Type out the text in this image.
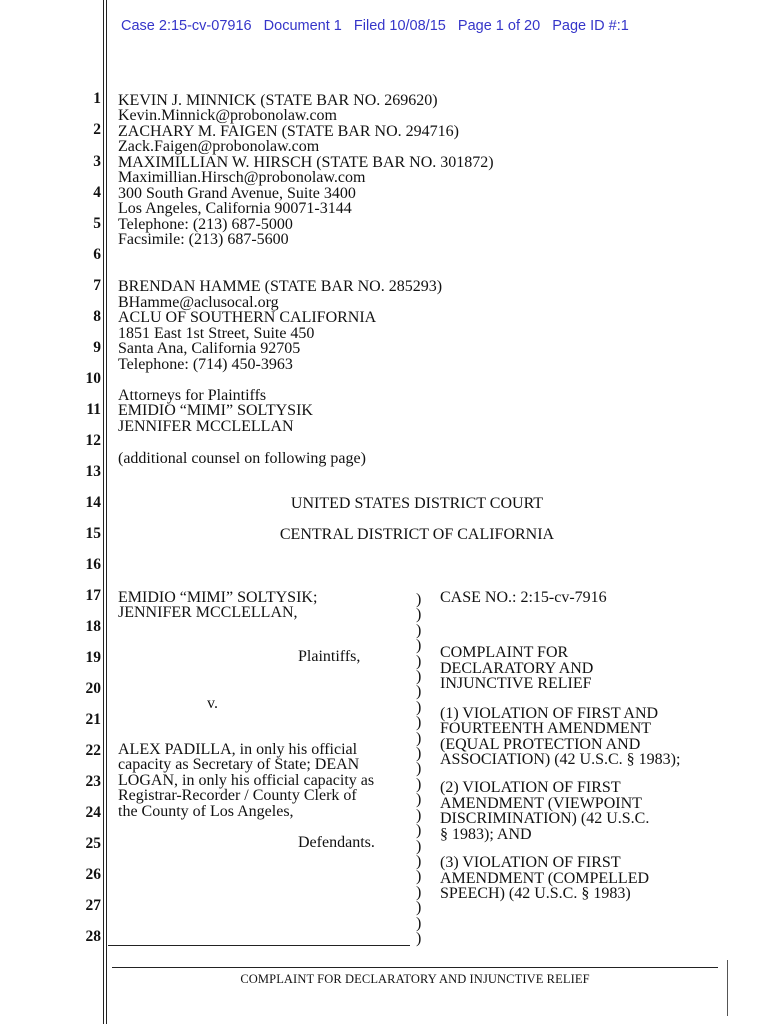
Case 2:15-cv-07916   Document 1   Filed 10/08/15   Page 1 of 20   Page ID #:1
1
2
3
4
5
6
7
8
9
10
11
12
13
14
15
16
17
18
19
20
21
22
23
24
25
26
27
28
KEVIN J. MINNICK (STATE BAR NO. 269620)
Kevin.Minnick@probonolaw.com
ZACHARY M. FAIGEN (STATE BAR NO. 294716)
Zack.Faigen@probonolaw.com
MAXIMILLIAN W. HIRSCH (STATE BAR NO. 301872)
Maximillian.Hirsch@probonolaw.com
300 South Grand Avenue, Suite 3400
Los Angeles, California 90071-3144
Telephone: (213) 687-5000
Facsimile: (213) 687-5600
BRENDAN HAMME (STATE BAR NO. 285293)
BHamme@aclusocal.org
ACLU OF SOUTHERN CALIFORNIA
1851 East 1st Street, Suite 450
Santa Ana, California 92705
Telephone: (714) 450-3963
Attorneys for Plaintiffs
EMIDIO “MIMI” SOLTYSIK
JENNIFER MCCLELLAN
(additional counsel on following page)
UNITED STATES DISTRICT COURT
CENTRAL DISTRICT OF CALIFORNIA
EMIDIO “MIMI” SOLTYSIK;
JENNIFER MCCLELLAN,
Plaintiffs,
v.
ALEX PADILLA, in only his official
capacity as Secretary of State; DEAN
LOGAN, in only his official capacity as
Registrar-Recorder / County Clerk of
the County of Los Angeles,
Defendants.
)
)
)
)
)
)
)
)
)
)
)
)
)
)
)
)
)
)
)
)
)
)
)
CASE NO.: 2:15-cv-7916
COMPLAINT FOR
DECLARATORY AND
INJUNCTIVE RELIEF
(1) VIOLATION OF FIRST AND
FOURTEENTH AMENDMENT
(EQUAL PROTECTION AND
ASSOCIATION) (42 U.S.C. § 1983);
(2) VIOLATION OF FIRST
AMENDMENT (VIEWPOINT
DISCRIMINATION) (42 U.S.C.
§ 1983); AND
(3) VIOLATION OF FIRST
AMENDMENT (COMPELLED
SPEECH) (42 U.S.C. § 1983)
COMPLAINT FOR DECLARATORY AND INJUNCTIVE RELIEF
